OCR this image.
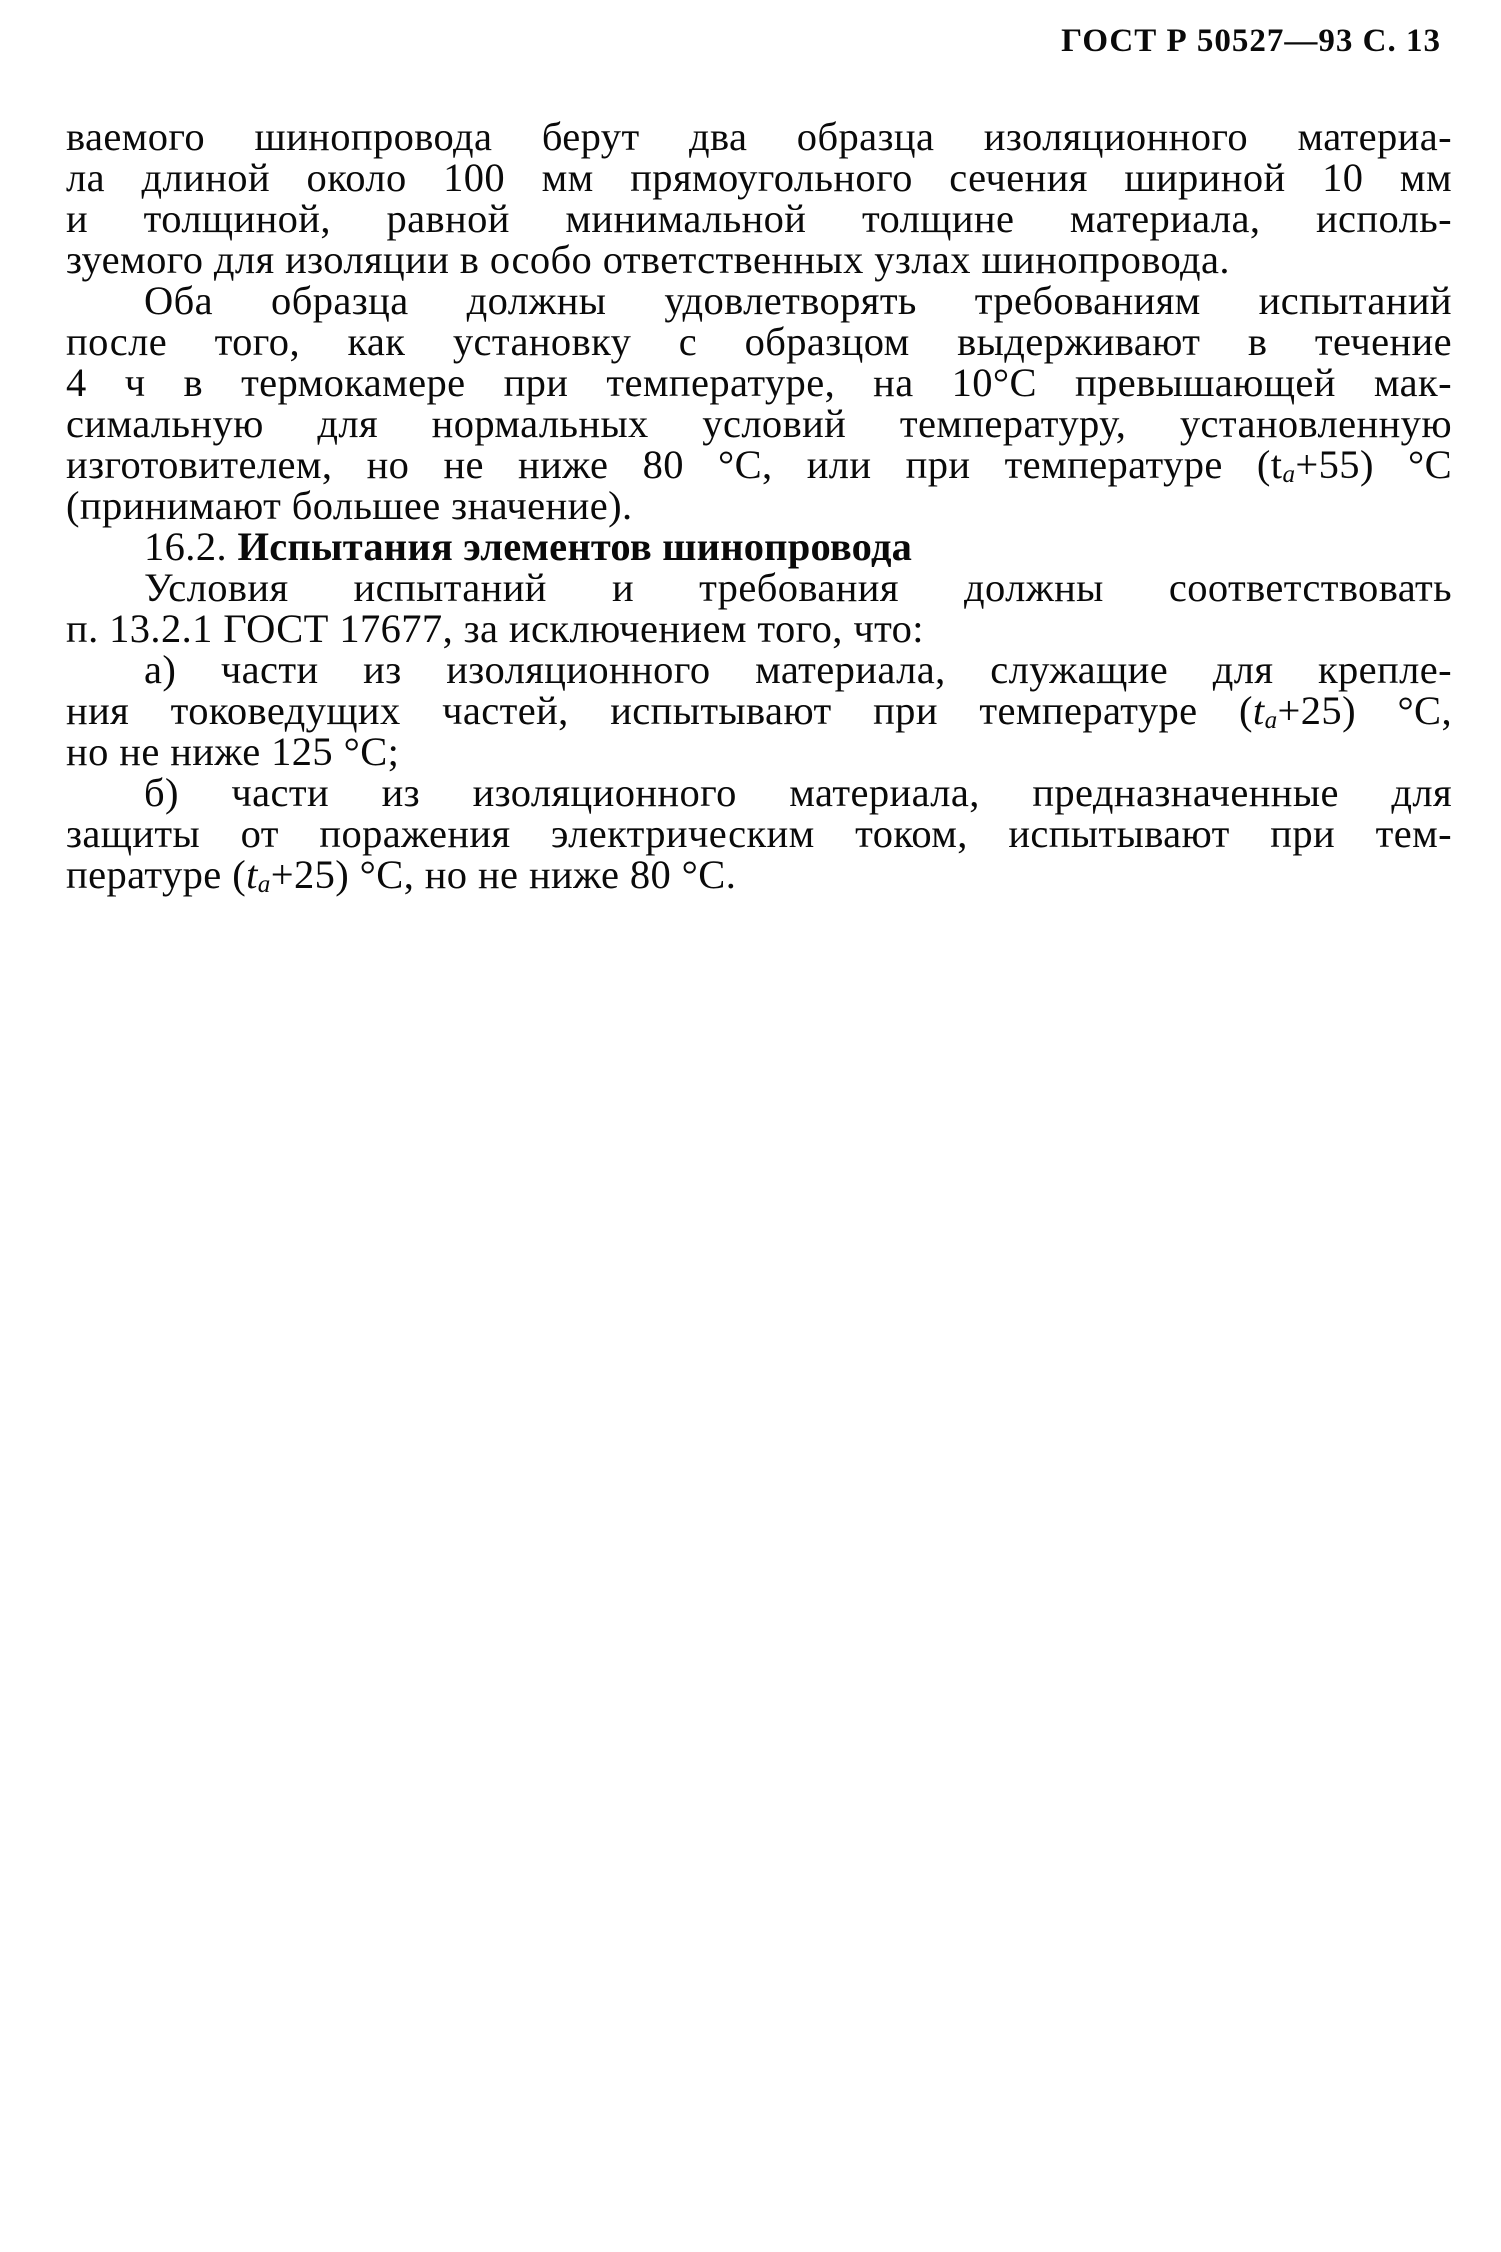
ГОСТ Р 50527—93 С. 13
ваемого шинопровода берут два образца изоляционного материа-
ла длиной около 100 мм прямоугольного сечения шириной 10 мм
и толщиной, равной минимальной толщине материала, исполь-
зуемого для изоляции в особо ответственных узлах шинопровода.
Оба образца должны удовлетворять требованиям испытаний
после того, как установку с образцом выдерживают в течение
4 ч в термокамере при температуре, на 10°С превышающей мак-
симальную для нормальных условий температуру, установленную
изготовителем, но не ниже 80 °С, или при температуре $(t_a+55)$ °С
(принимают большее значение).
16.2. Испытания элементов шинопровода
Условия испытаний и требования должны соответствовать
п. 13.2.1 ГОСТ 17677, за исключением того, что:
а) части из изоляционного материала, служащие для крепле-
ния токоведущих частей, испытывают при температуре $(t_a+25)$ °С,
но не ниже 125 °С;
б) части из изоляционного материала, предназначенные для
защиты от поражения электрическим током, испытывают при тем-
пературе $(t_a+25)$ °С, но не ниже 80 °С.
